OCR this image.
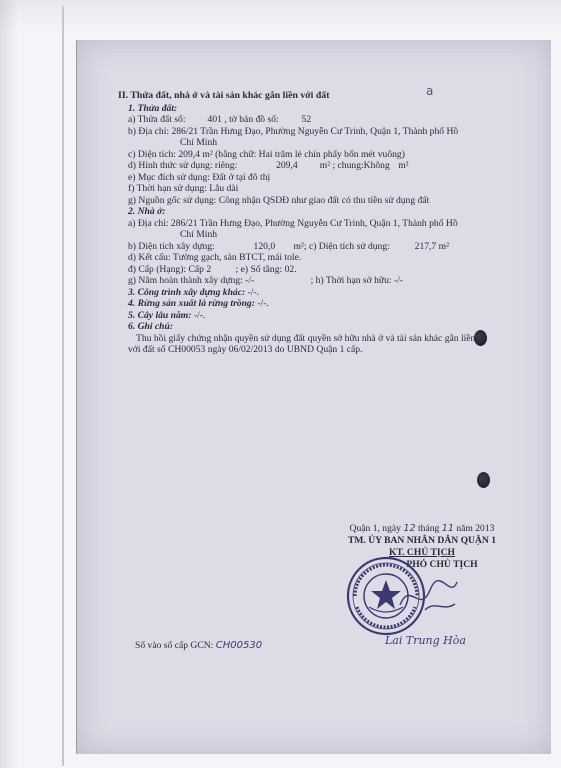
a
II. Thửa đất, nhà ở và tài sản khác gắn liền với đất
1. Thửa đất:
a) Thửa đất số: 401 , tờ bản đồ số: 52
b) Địa chỉ: 286/21 Trần Hưng Đạo, Phường Nguyễn Cư Trinh, Quận 1, Thành phố Hồ
Chí Minh
c) Diện tích: 209,4 m² (bằng chữ: Hai trăm lẻ chín phẩy bốn mét vuông)
d) Hình thức sử dụng: riêng:	209,4 m² ; chung:Không m²
e) Mục đích sử dụng: Đất ở tại đô thị
f) Thời hạn sử dụng: Lâu dài
g) Nguồn gốc sử dụng: Công nhận QSDĐ như giao đất có thu tiền sử dụng đất
2. Nhà ở:
a) Địa chỉ: 286/21 Trần Hưng Đạo, Phường Nguyễn Cư Trinh, Quận 1, Thành phố Hồ
Chí Minh
b) Diện tích xây dựng:	120,0 m²; c) Diện tích sử dụng:	217,7 m²
d) Kết cấu: Tường gạch, sàn BTCT, mái tole.
đ) Cấp (Hạng): Cấp 2	; e) Số tầng: 02.
g) Năm hoàn thành xây dựng: -/-	; h) Thời hạn sở hữu: -/-
3. Công trình xây dựng khác: -/-.
4. Rừng sản xuất là rừng trồng: -/-.
5. Cây lâu năm: -/-.
6. Ghi chú:
Thu hồi giấy chứng nhận quyền sử dụng đất quyền sở hữu nhà ở và tài sản khác gắn liền
với đất số CH00053 ngày 06/02/2013 do UBND Quận 1 cấp.
Quận 1, ngày 12 tháng 11 năm 2013
TM. ỦY BAN NHÂN DÂN QUẬN 1
KT. CHỦ TỊCH
PHÓ CHỦ TỊCH
Lai Trung Hòa
Số vào sổ cấp GCN: CH00530
